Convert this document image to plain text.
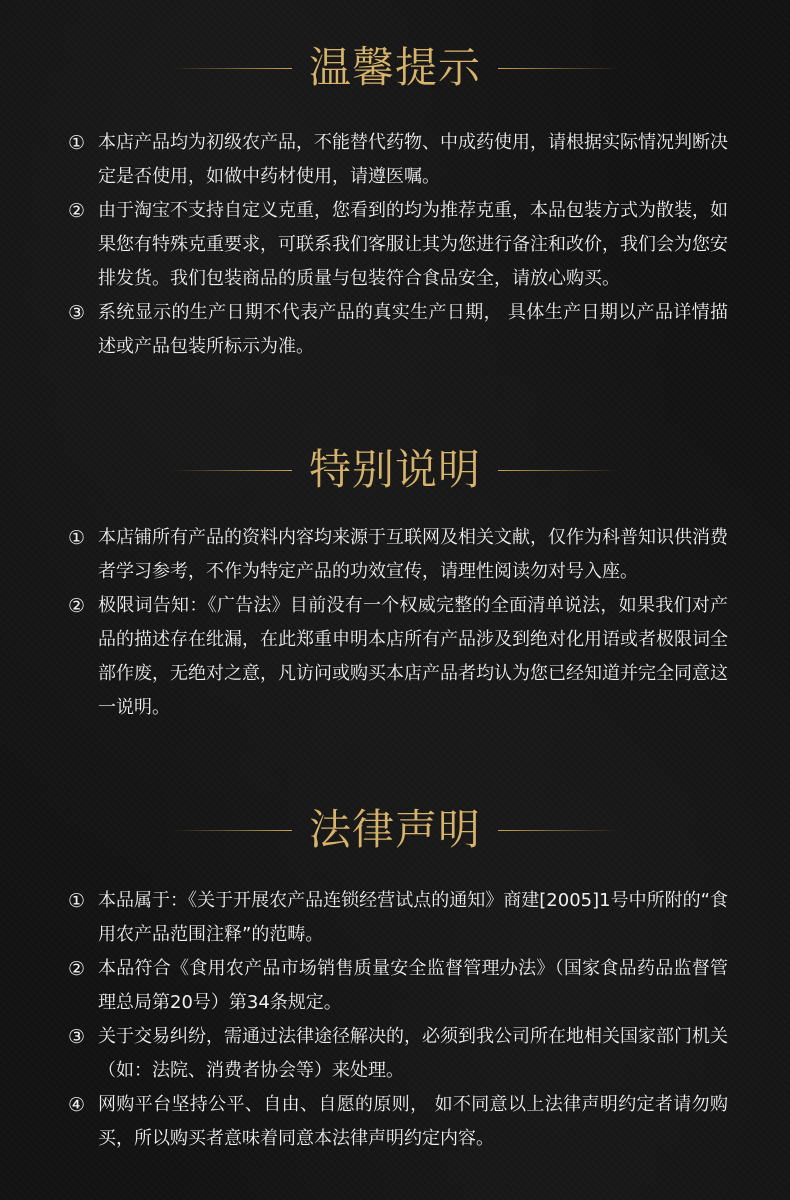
温馨提示
① 本店产品均为初级农产品，不能替代药物、中成药使用，请根据实际情况判断决定是否使用，如做中药材使用，请遵医嘱。
② 由于淘宝不支持自定义克重，您看到的均为推荐克重，本品包装方式为散装，如果您有特殊克重要求，可联系我们客服让其为您进行备注和改价，我们会为您安排发货。我们包装商品的质量与包装符合食品安全，请放心购买。
③ 系统显示的生产日期不代表产品的真实生产日期， 具体生产日期以产品详情描述或产品包装所标示为准。
特别说明
① 本店铺所有产品的资料内容均来源于互联网及相关文献，仅作为科普知识供消费者学习参考，不作为特定产品的功效宣传，请理性阅读勿对号入座。
② 极限词告知：《广告法》目前没有一个权威完整的全面清单说法，如果我们对产品的描述存在纰漏，在此郑重申明本店所有产品涉及到绝对化用语或者极限词全部作废，无绝对之意，凡访问或购买本店产品者均认为您已经知道并完全同意这一说明。
法律声明
① 本品属于：《关于开展农产品连锁经营试点的通知》商建[2005]1号中所附的“食用农产品范围注释”的范畴。
② 本品符合《食用农产品市场销售质量安全监督管理办法》（国家食品药品监督管理总局第20号）第34条规定。
③ 关于交易纠纷，需通过法律途径解决的，必须到我公司所在地相关国家部门机关（如：法院、消费者协会等）来处理。
④ 网购平台坚持公平、自由、自愿的原则， 如不同意以上法律声明约定者请勿购买，所以购买者意味着同意本法律声明约定内容。
